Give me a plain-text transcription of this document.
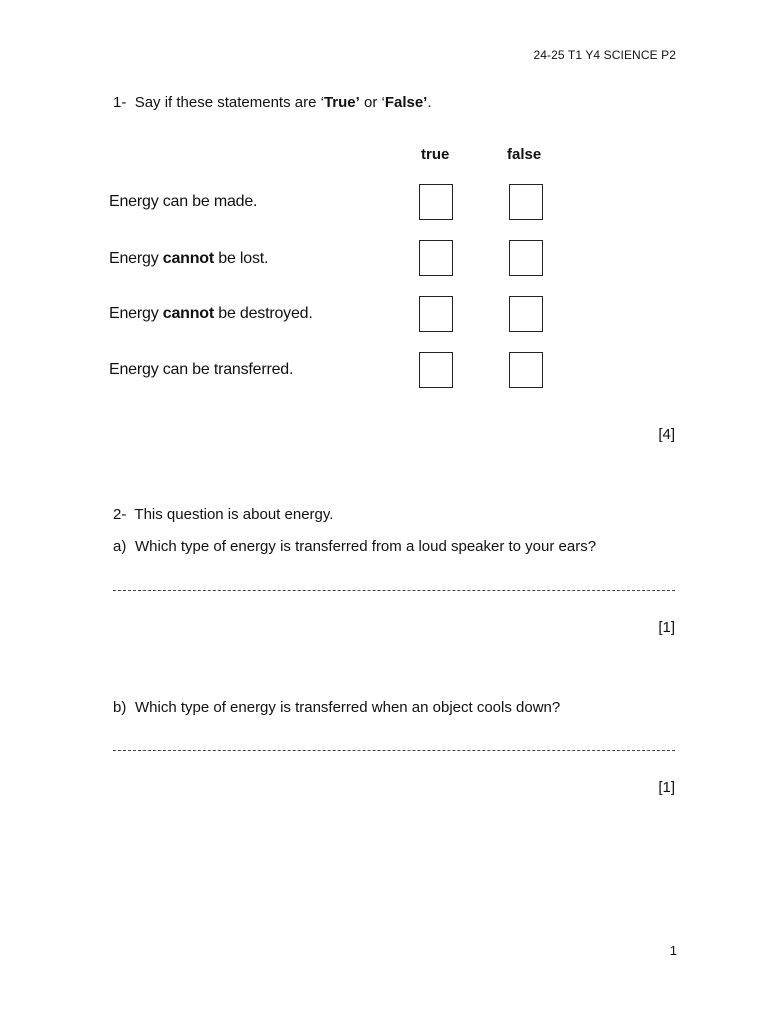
24-25 T1 Y4 SCIENCE P2
1- Say if these statements are ‘True’ or ‘False’.
true	false
Energy can be made.
Energy cannot be lost.
Energy cannot be destroyed.
Energy can be transferred.
[4]
2- This question is about energy.
a) Which type of energy is transferred from a loud speaker to your ears?
[1]
b) Which type of energy is transferred when an object cools down?
[1]
1
